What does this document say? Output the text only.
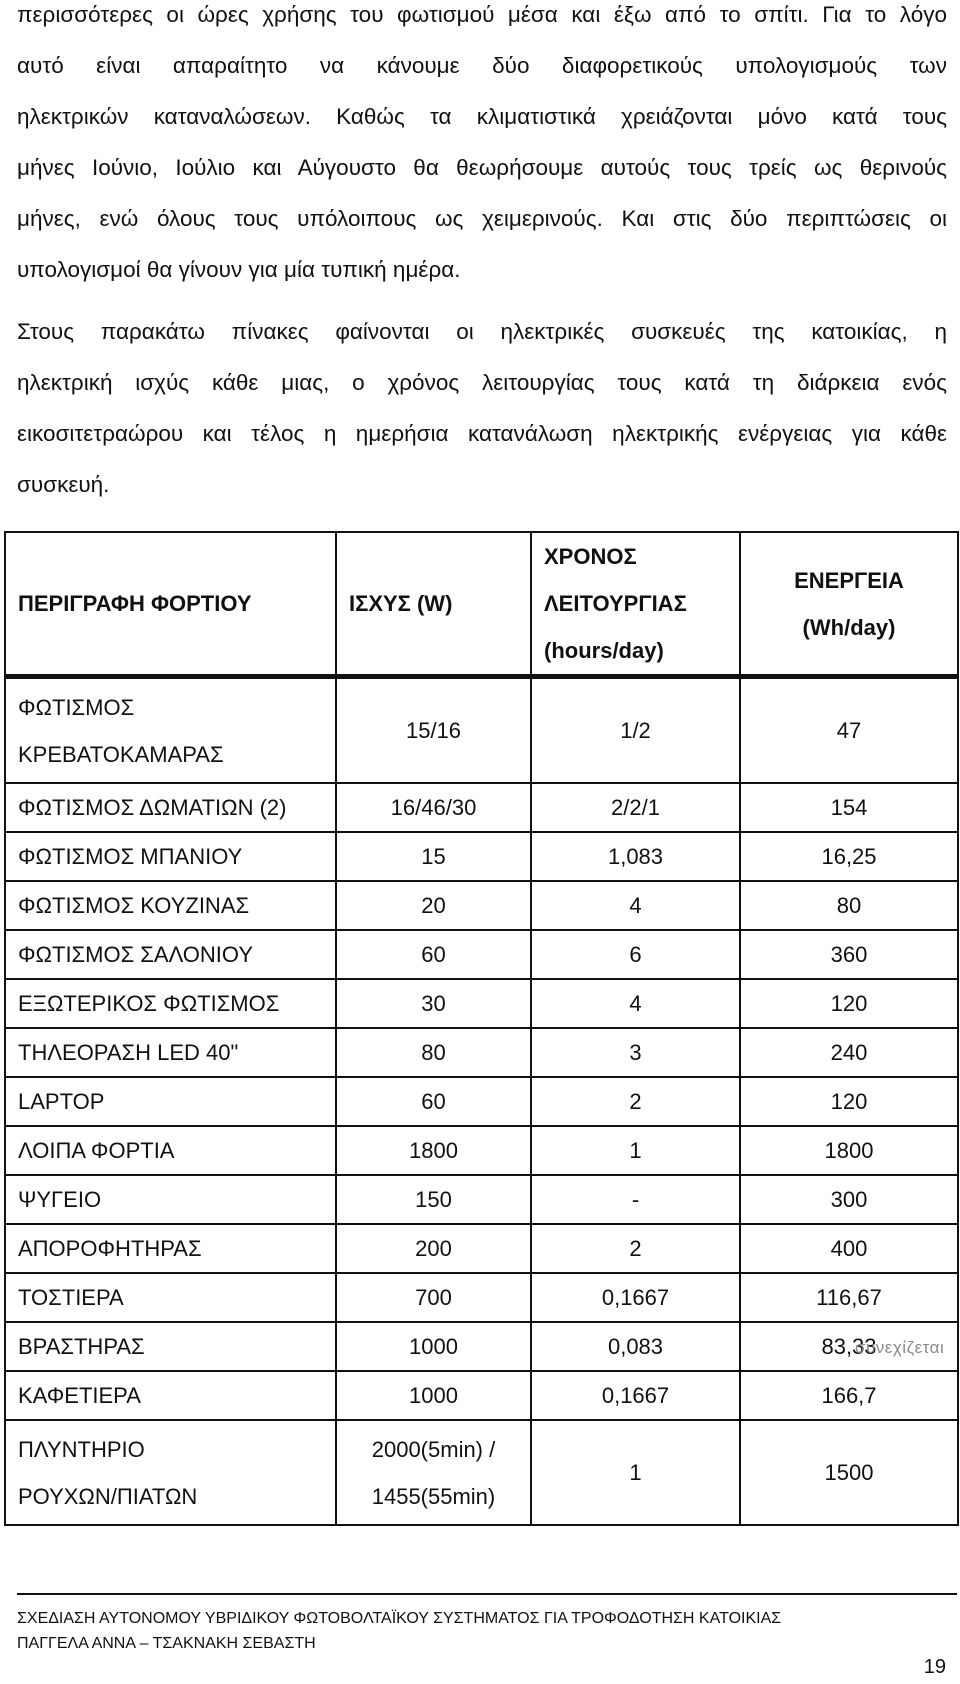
περισσότερες οι ώρες χρήσης του φωτισμού μέσα και έξω από το σπίτι. Για το λόγο
αυτό είναι απαραίτητο να κάνουμε δύο διαφορετικούς υπολογισμούς των
ηλεκτρικών καταναλώσεων. Καθώς τα κλιματιστικά χρειάζονται μόνο κατά τους
μήνες Ιούνιο, Ιούλιο και Αύγουστο θα θεωρήσουμε αυτούς τους τρείς ως θερινούς
μήνες, ενώ όλους τους υπόλοιπους ως χειμερινούς. Και στις δύο περιπτώσεις οι
υπολογισμοί θα γίνουν για μία τυπική ημέρα.
Στους παρακάτω πίνακες φαίνονται οι ηλεκτρικές συσκευές της κατοικίας, η
ηλεκτρική ισχύς κάθε μιας, ο χρόνος λειτουργίας τους κατά τη διάρκεια ενός
εικοσιτετραώρου και τέλος η ημερήσια κατανάλωση ηλεκτρικής ενέργειας για κάθε
συσκευή.
ΠΕΡΙΓΡΑΦΗ ΦΟΡΤΙΟΥ	ΙΣΧΥΣ (W)	ΧΡΟΝΟΣ
ΛΕΙΤΟΥΡΓΙΑΣ
(hours/day)	ΕΝΕΡΓΕΙΑ
(Wh/day)

ΦΩΤΙΣΜΟΣ
ΚΡΕΒΑΤΟΚΑΜΑΡΑΣ	15/16	1/2	47

ΦΩΤΙΣΜΟΣ ΔΩΜΑΤΙΩΝ (2)	16/46/30	2/2/1	154

ΦΩΤΙΣΜΟΣ ΜΠΑΝΙΟΥ	15	1,083	16,25

ΦΩΤΙΣΜΟΣ ΚΟΥΖΙΝΑΣ	20	4	80

ΦΩΤΙΣΜΟΣ ΣΑΛΟΝΙΟΥ	60	6	360

ΕΞΩΤΕΡΙΚΟΣ ΦΩΤΙΣΜΟΣ	30	4	120

ΤΗΛΕΟΡΑΣΗ LED 40"	80	3	240

LAPTOP	60	2	120

ΛΟΙΠΑ ΦΟΡΤΙΑ	1800	1	1800

ΨΥΓΕΙΟ	150	-	300

ΑΠΟΡΟΦΗΤΗΡΑΣ	200	2	400

ΤΟΣΤΙΕΡΑ	700	0,1667	116,67

ΒΡΑΣΤΗΡΑΣ	1000	0,083	83,33

ΚΑΦΕΤΙΕΡΑ	1000	0,1667	166,7

ΠΛΥΝΤΗΡΙΟ
ΡΟΥΧΩΝ/ΠΙΑΤΩΝ	2000(5min) /
1455(55min)	1	1500
συνεχίζεται
ΣΧΕΔΙΑΣΗ ΑΥΤΟΝΟΜΟΥ ΥΒΡΙΔΙΚΟΥ ΦΩΤΟΒΟΛΤΑΪΚΟΥ ΣΥΣΤΗΜΑΤΟΣ ΓΙΑ ΤΡΟΦΟΔΟΤΗΣΗ ΚΑΤΟΙΚΙΑΣ
ΠΑΓΓΕΛΑ ΑΝΝΑ – ΤΣΑΚΝΑΚΗ ΣΕΒΑΣΤΗ
19
